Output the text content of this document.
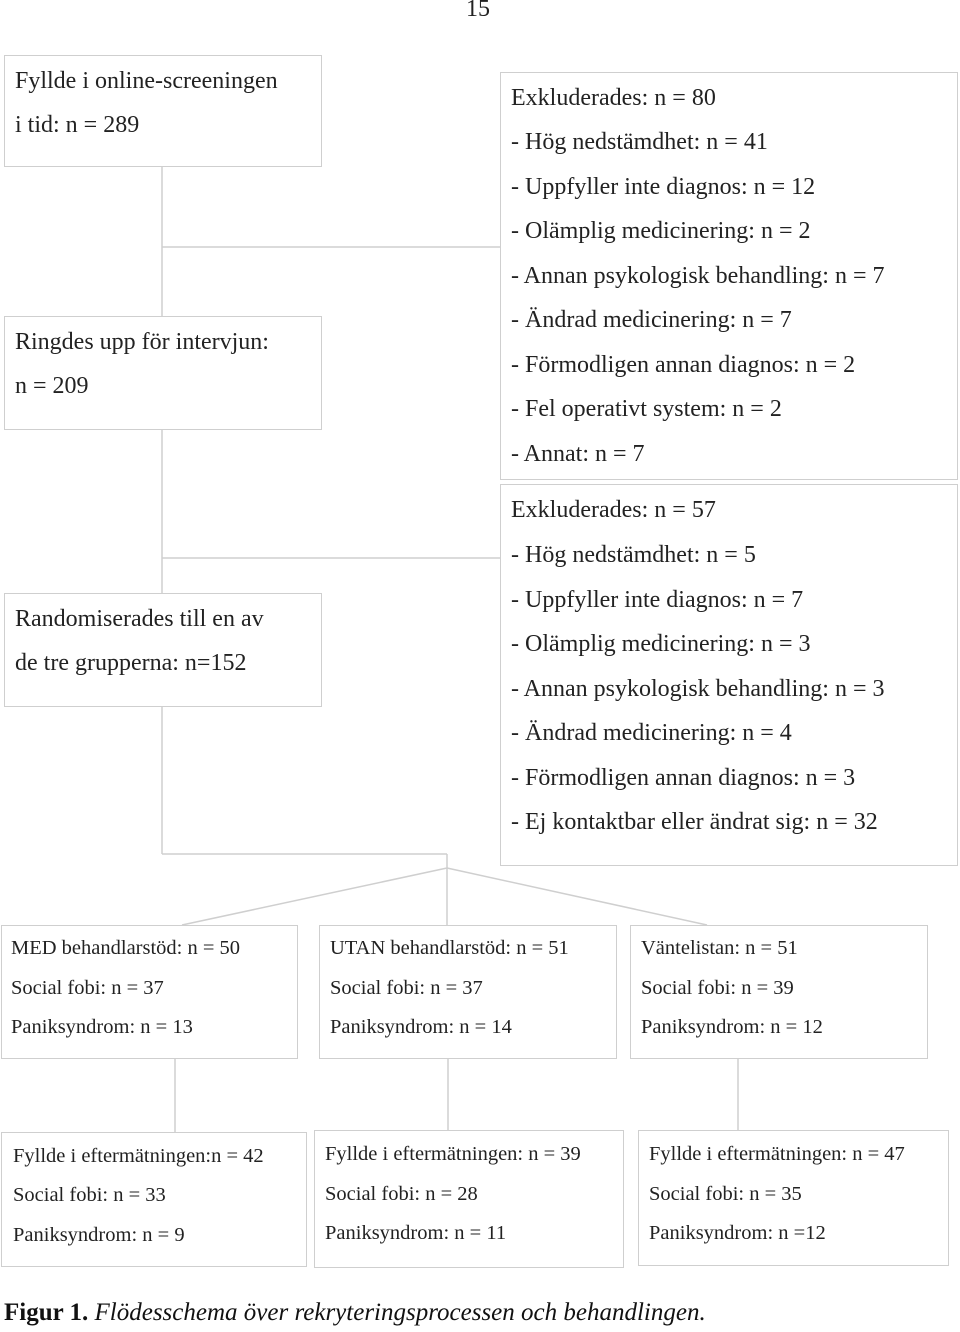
15
Fyllde i online-screeningen
i tid: n = 289
Ringdes upp för intervjun:
n = 209
Randomiserades till en av
de tre grupperna: n=152
Exkluderades: n = 80
- Hög nedstämdhet: n = 41
- Uppfyller inte diagnos: n = 12
- Olämplig medicinering: n = 2
- Annan psykologisk behandling: n = 7
- Ändrad medicinering: n = 7
- Förmodligen annan diagnos: n = 2
- Fel operativt system: n = 2
- Annat: n = 7
Exkluderades: n = 57
- Hög nedstämdhet: n = 5
- Uppfyller inte diagnos: n = 7
- Olämplig medicinering: n = 3
- Annan psykologisk behandling: n = 3
- Ändrad medicinering: n = 4
- Förmodligen annan diagnos: n = 3
- Ej kontaktbar eller ändrat sig: n = 32
MED behandlarstöd: n = 50
Social fobi: n = 37
Paniksyndrom: n = 13
UTAN behandlarstöd: n = 51
Social fobi: n = 37
Paniksyndrom: n = 14
Väntelistan: n = 51
Social fobi: n = 39
Paniksyndrom: n = 12
Fyllde i eftermätningen:n = 42
Social fobi: n = 33
Paniksyndrom: n = 9
Fyllde i eftermätningen: n = 39
Social fobi: n = 28
Paniksyndrom: n = 11
Fyllde i eftermätningen: n = 47
Social fobi: n = 35
Paniksyndrom: n =12
Figur 1. Flödesschema över rekryteringsprocessen och behandlingen.
